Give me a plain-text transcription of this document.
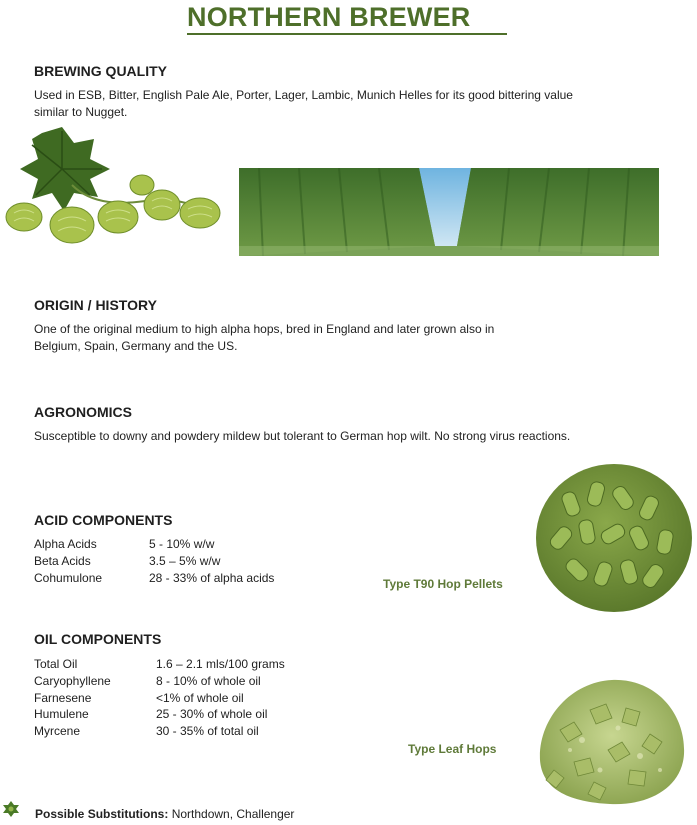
NORTHERN BREWER
BREWING QUALITY
Used in ESB, Bitter, English Pale Ale, Porter, Lager, Lambic, Munich Helles for its good bittering value similar to Nugget.
ORIGIN / HISTORY
One of the original medium to high alpha hops, bred in England and later grown also in Belgium, Spain, Germany and the US.
AGRONOMICS
Susceptible to downy and powdery mildew but tolerant to German hop wilt. No strong virus reactions.
ACID COMPONENTS
Alpha Acids	5 - 10% w/w
Beta Acids	3.5 – 5% w/w
Cohumulone	28 - 33% of alpha acids	Type T90 Hop Pellets
OIL COMPONENTS
Total Oil	1.6 – 2.1 mls/100 grams
Caryophyllene	8 - 10% of whole oil
Farnesene	<1% of whole oil
Humulene	25 - 30% of whole oil
Myrcene	30 - 35% of total oil
Type Leaf Hops
Possible Substitutions: Northdown, Challenger
